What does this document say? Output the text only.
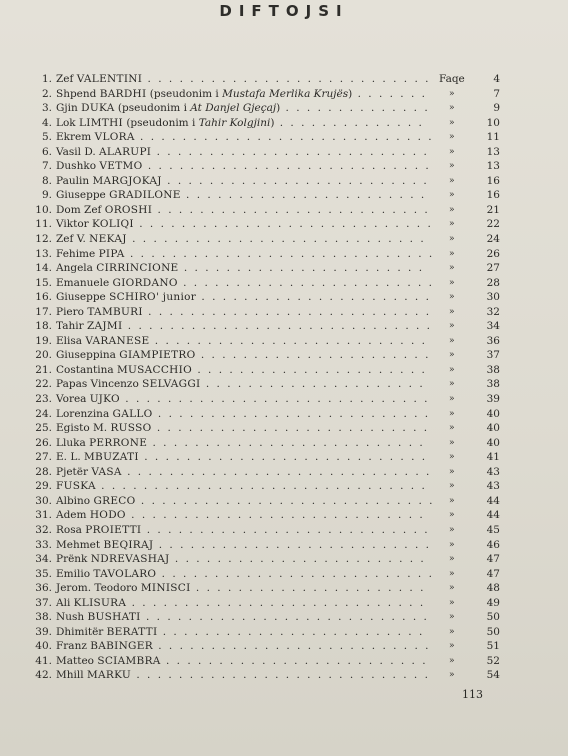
DIFTOJSI
1. Zef VALENTINI . . . . . . . . . . . . . . . . . . . . . . . . . . . Faqe	4
2. Shpend BARDHI (pseudonim i Mustafa Merlika Krujës) . . . . . . . »	7
3. Gjin DUKA (pseudonim i At Danjel Gjeçaj) . . . . . . . . . . . . . . »	9
4. Lok LIMTHI (pseudonim i Tahir Kolgjini) . . . . . . . . . . . . . .	»	10
5. Ekrem VLORA . . . . . . . . . . . . . . . . . . . . . . . . . . . . »	11
6. Vasil D. ALARUPI . . . . . . . . . . . . . . . . . . . . . . . . . . »	13
7. Dushko VETMO . . . . . . . . . . . . . . . . . . . . . . . . . . . »	13
8. Paulin MARGJOKAJ . . . . . . . . . . . . . . . . . . . . . . . . . »	16
9. Giuseppe GRADILONE . . . . . . . . . . . . . . . . . . . . . . .	»	16
10. Dom Zef OROSHI . . . . . . . . . . . . . . . . . . . . . . . . . . »	21
11. Viktor KOLIQI . . . . . . . . . . . . . . . . . . . . . . . . . . . . »	22
12. Zef V. NEKAJ . . . . . . . . . . . . . . . . . . . . . . . . . . . .	»	24
13. Fehime PIPA . . . . . . . . . . . . . . . . . . . . . . . . . . . . . »	26
14. Angela CIRRINCIONE . . . . . . . . . . . . . . . . . . . . . . .	»	27
15. Emanuele GIORDANO . . . . . . . . . . . . . . . . . . . . . . . . »	28
16. Giuseppe SCHIRO' junior . . . . . . . . . . . . . . . . . . . . . . »	30
17. Piero TAMBURI . . . . . . . . . . . . . . . . . . . . . . . . . . . »	32
18. Tahir ZAJMI . . . . . . . . . . . . . . . . . . . . . . . . . . . . . »	34
19. Elisa VARANESE . . . . . . . . . . . . . . . . . . . . . . . . . . »	36
20. Giuseppina GIAMPIETRO . . . . . . . . . . . . . . . . . . . . . . »	37
21. Costantina MUSACCHIO . . . . . . . . . . . . . . . . . . . . . . »	38
22. Papas Vincenzo SELVAGGI . . . . . . . . . . . . . . . . . . . . .	»	38
23. Vorea UJKO . . . . . . . . . . . . . . . . . . . . . . . . . . . . . »	39
24. Lorenzina GALLO . . . . . . . . . . . . . . . . . . . . . . . . . . »	40
25. Egisto M. RUSSO . . . . . . . . . . . . . . . . . . . . . . . . . . »	40
26. Lluka PERRONE . . . . . . . . . . . . . . . . . . . . . . . . . .	»	40
27. E. L. MBUZATI . . . . . . . . . . . . . . . . . . . . . . . . . . . »	41
28. Pjetër VASA . . . . . . . . . . . . . . . . . . . . . . . . . . . . . »	43
29. FUSKA . . . . . . . . . . . . . . . . . . . . . . . . . . . . . . . »	43
30. Albino GRECO . . . . . . . . . . . . . . . . . . . . . . . . . . . . »	44
31. Adem HODO . . . . . . . . . . . . . . . . . . . . . . . . . . . .	»	44
32. Rosa PROIETTI . . . . . . . . . . . . . . . . . . . . . . . . . . . »	45
33. Mehmet BEQIRAJ . . . . . . . . . . . . . . . . . . . . . . . . . . »	46
34. Prënk NDREVASHAJ . . . . . . . . . . . . . . . . . . . . . . . .	»	47
35. Emilio TAVOLARO . . . . . . . . . . . . . . . . . . . . . . . . . . »	47
36. Jerom. Teodoro MINISCI . . . . . . . . . . . . . . . . . . . . . .	»	48
37. Ali KLISURA . . . . . . . . . . . . . . . . . . . . . . . . . . . .	»	49
38. Nush BUSHATI . . . . . . . . . . . . . . . . . . . . . . . . . . . »	50
39. Dhimitër BERATTI . . . . . . . . . . . . . . . . . . . . . . . . .	»	50
40. Franz BABINGER . . . . . . . . . . . . . . . . . . . . . . . . . . »	51
41. Matteo SCIAMBRA . . . . . . . . . . . . . . . . . . . . . . . . . »	52
42. Mhill MARKU . . . . . . . . . . . . . . . . . . . . . . . . . . . . »	54
113
